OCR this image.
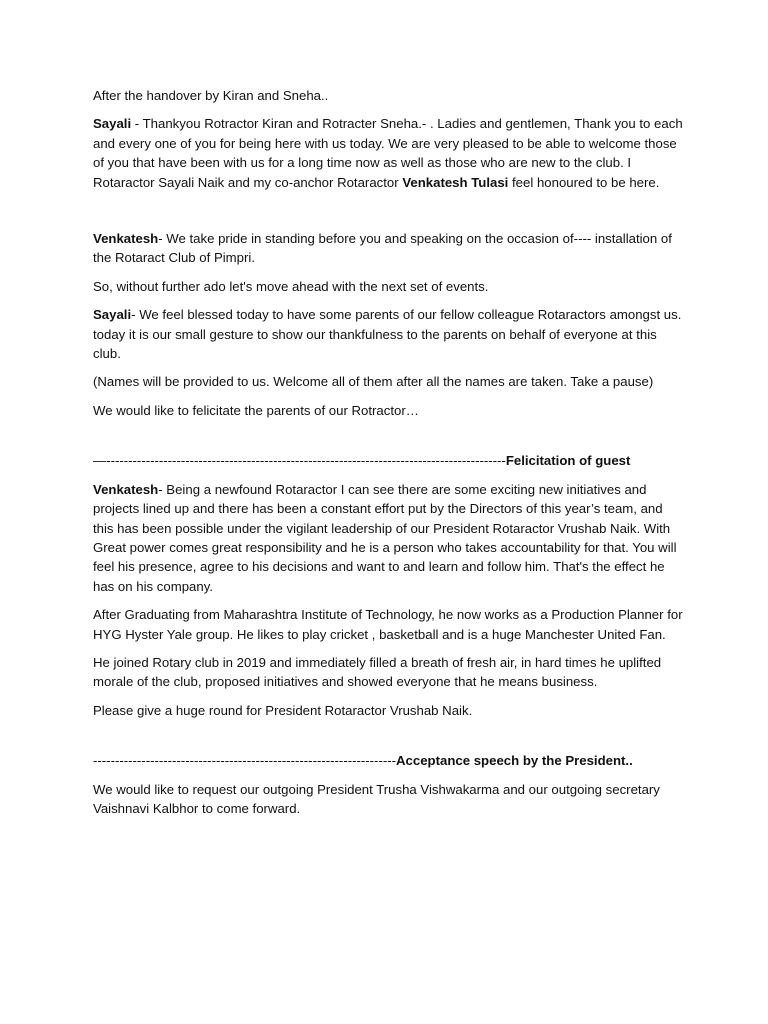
After the handover by Kiran and Sneha..

Sayali - Thankyou Rotractor Kiran and Rotracter Sneha.- . Ladies and gentlemen, Thank you to each and every one of you for being here with us today. We are very pleased to be able to welcome those of you that have been with us for a long time now as well as those who are new to the club. I Rotaractor Sayali Naik and my co-anchor Rotaractor Venkatesh Tulasi feel honoured to be here.

Venkatesh- We take pride in standing before you and speaking on the occasion of---- installation of the Rotaract Club of Pimpri.

So, without further ado let's move ahead with the next set of events.

Sayali- We feel blessed today to have some parents of our fellow colleague Rotaractors amongst us. today it is our small gesture to show our thankfulness to the parents on behalf of everyone at this club.

(Names will be provided to us. Welcome all of them after all the names are taken. Take a pause)

We would like to felicitate the parents of our Rotractor…

—-------------------------------------------------------------------------------------------Felicitation of guest

Venkatesh- Being a newfound Rotaractor I can see there are some exciting new initiatives and projects lined up and there has been a constant effort put by the Directors of this year’s team, and this has been possible under the vigilant leadership of our President Rotaractor Vrushab Naik. With Great power comes great responsibility and he is a person who takes accountability for that. You will feel his presence, agree to his decisions and want to and learn and follow him. That's the effect he has on his company.

After Graduating from Maharashtra Institute of Technology, he now works as a Production Planner for HYG Hyster Yale group. He likes to play cricket , basketball and is a huge Manchester United Fan.

He joined Rotary club in 2019 and immediately filled a breath of fresh air, in hard times he uplifted morale of the club, proposed initiatives and showed everyone that he means business.

Please give a huge round for President Rotaractor Vrushab Naik.

---------------------------------------------------------------------Acceptance speech by the President..

We would like to request our outgoing President Trusha Vishwakarma and our outgoing secretary Vaishnavi Kalbhor to come forward.
